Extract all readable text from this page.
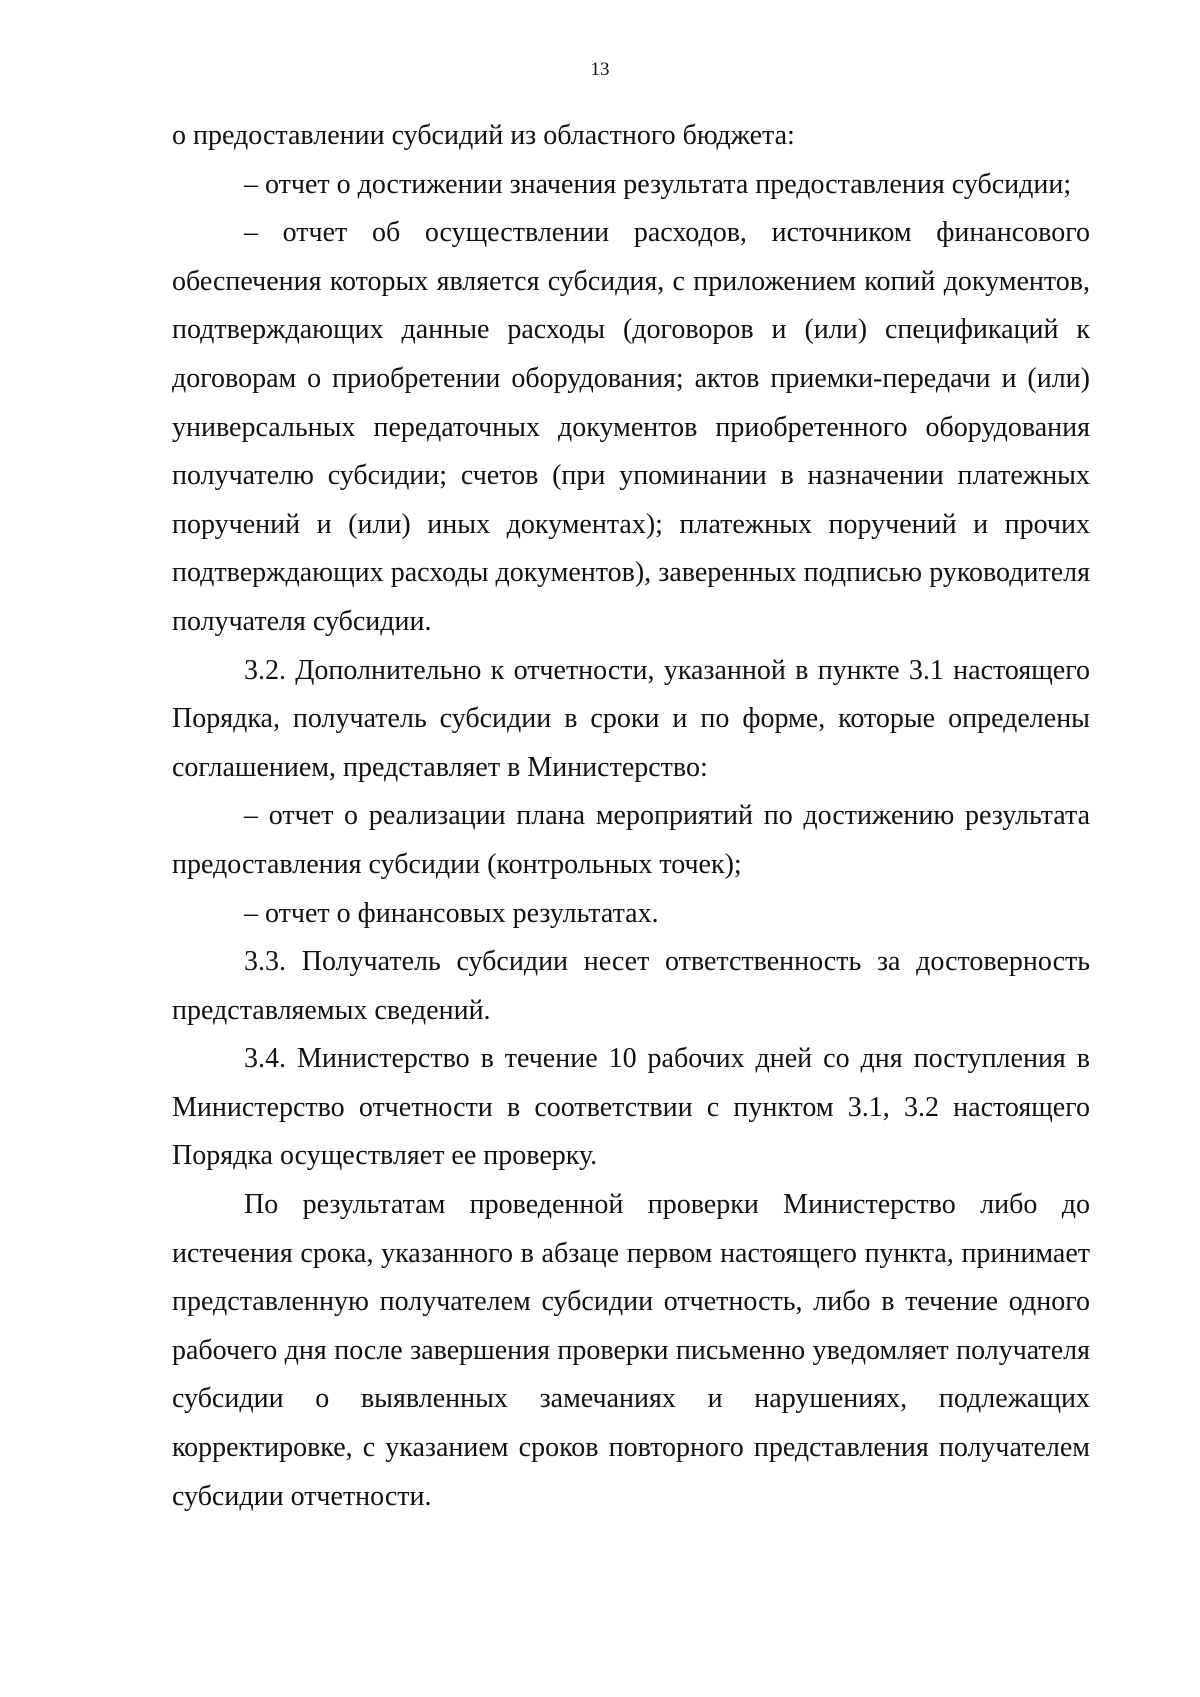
13

о предоставлении субсидий из областного бюджета:

– отчет о достижении значения результата предоставления субсидии;

– отчет об осуществлении расходов, источником финансового обеспечения которых является субсидия, с приложением копий документов, подтверждающих данные расходы (договоров и (или) спецификаций к договорам о приобретении оборудования; актов приемки-передачи и (или) универсальных передаточных документов приобретенного оборудования получателю субсидии; счетов (при упоминании в назначении платежных поручений и (или) иных документах); платежных поручений и прочих подтверждающих расходы документов), заверенных подписью руководителя получателя субсидии.

3.2. Дополнительно к отчетности, указанной в пункте 3.1 настоящего Порядка, получатель субсидии в сроки и по форме, которые определены соглашением, представляет в Министерство:

– отчет о реализации плана мероприятий по достижению результата предоставления субсидии (контрольных точек);

– отчет о финансовых результатах.

3.3. Получатель субсидии несет ответственность за достоверность представляемых сведений.

3.4. Министерство в течение 10 рабочих дней со дня поступления в Министерство отчетности в соответствии с пунктом 3.1, 3.2 настоящего Порядка осуществляет ее проверку.

По результатам проведенной проверки Министерство либо до истечения срока, указанного в абзаце первом настоящего пункта, принимает представленную получателем субсидии отчетность, либо в течение одного рабочего дня после завершения проверки письменно уведомляет получателя субсидии о выявленных замечаниях и нарушениях, подлежащих корректировке, с указанием сроков повторного представления получателем субсидии отчетности.
